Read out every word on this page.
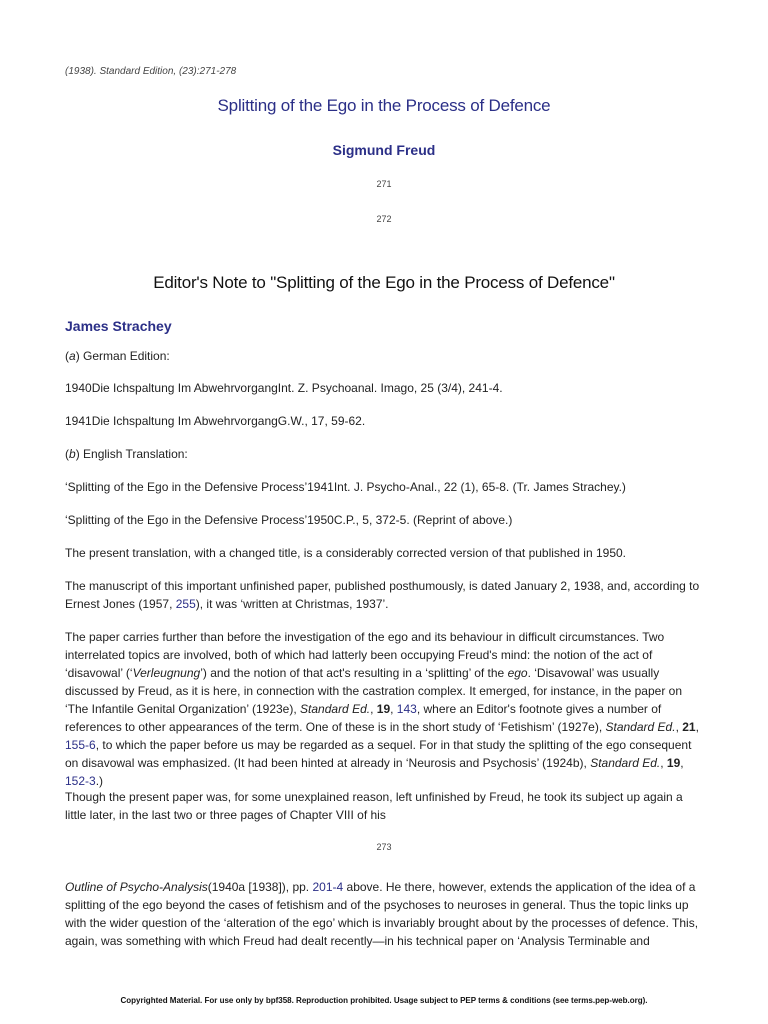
(1938). Standard Edition, (23):271-278
Splitting of the Ego in the Process of Defence
Sigmund Freud
271
272
Editor's Note to "Splitting of the Ego in the Process of Defence"
James Strachey
(a) German Edition:
1940Die Ichspaltung Im AbwehrvorgangInt. Z. Psychoanal. Imago, 25 (3/4), 241-4.
1941Die Ichspaltung Im AbwehrvorgangG.W., 17, 59-62.
(b) English Translation:
‘Splitting of the Ego in the Defensive Process’1941Int. J. Psycho-Anal., 22 (1), 65-8. (Tr. James Strachey.)
‘Splitting of the Ego in the Defensive Process’1950C.P., 5, 372-5. (Reprint of above.)
The present translation, with a changed title, is a considerably corrected version of that published in 1950.
The manuscript of this important unfinished paper, published posthumously, is dated January 2, 1938, and, according to Ernest Jones (1957, 255), it was ‘written at Christmas, 1937’.
The paper carries further than before the investigation of the ego and its behaviour in difficult circumstances. Two interrelated topics are involved, both of which had latterly been occupying Freud's mind: the notion of the act of ‘disavowal’ (‘Verleugnung’) and the notion of that act's resulting in a ‘splitting’ of the ego. ‘Disavowal’ was usually discussed by Freud, as it is here, in connection with the castration complex. It emerged, for instance, in the paper on ‘The Infantile Genital Organization’ (1923e), Standard Ed., 19, 143, where an Editor's footnote gives a number of references to other appearances of the term. One of these is in the short study of ‘Fetishism’ (1927e), Standard Ed., 21, 155-6, to which the paper before us may be regarded as a sequel. For in that study the splitting of the ego consequent on disavowal was emphasized. (It had been hinted at already in ‘Neurosis and Psychosis’ (1924b), Standard Ed., 19, 152-3.)
Though the present paper was, for some unexplained reason, left unfinished by Freud, he took its subject up again a little later, in the last two or three pages of Chapter VIII of his
273
Outline of Psycho-Analysis(1940a [1938]), pp. 201-4 above. He there, however, extends the application of the idea of a splitting of the ego beyond the cases of fetishism and of the psychoses to neuroses in general. Thus the topic links up with the wider question of the ‘alteration of the ego’ which is invariably brought about by the processes of defence. This, again, was something with which Freud had dealt recently—in his technical paper on ‘Analysis Terminable and
Copyrighted Material. For use only by bpf358. Reproduction prohibited. Usage subject to PEP terms & conditions (see terms.pep-web.org).
